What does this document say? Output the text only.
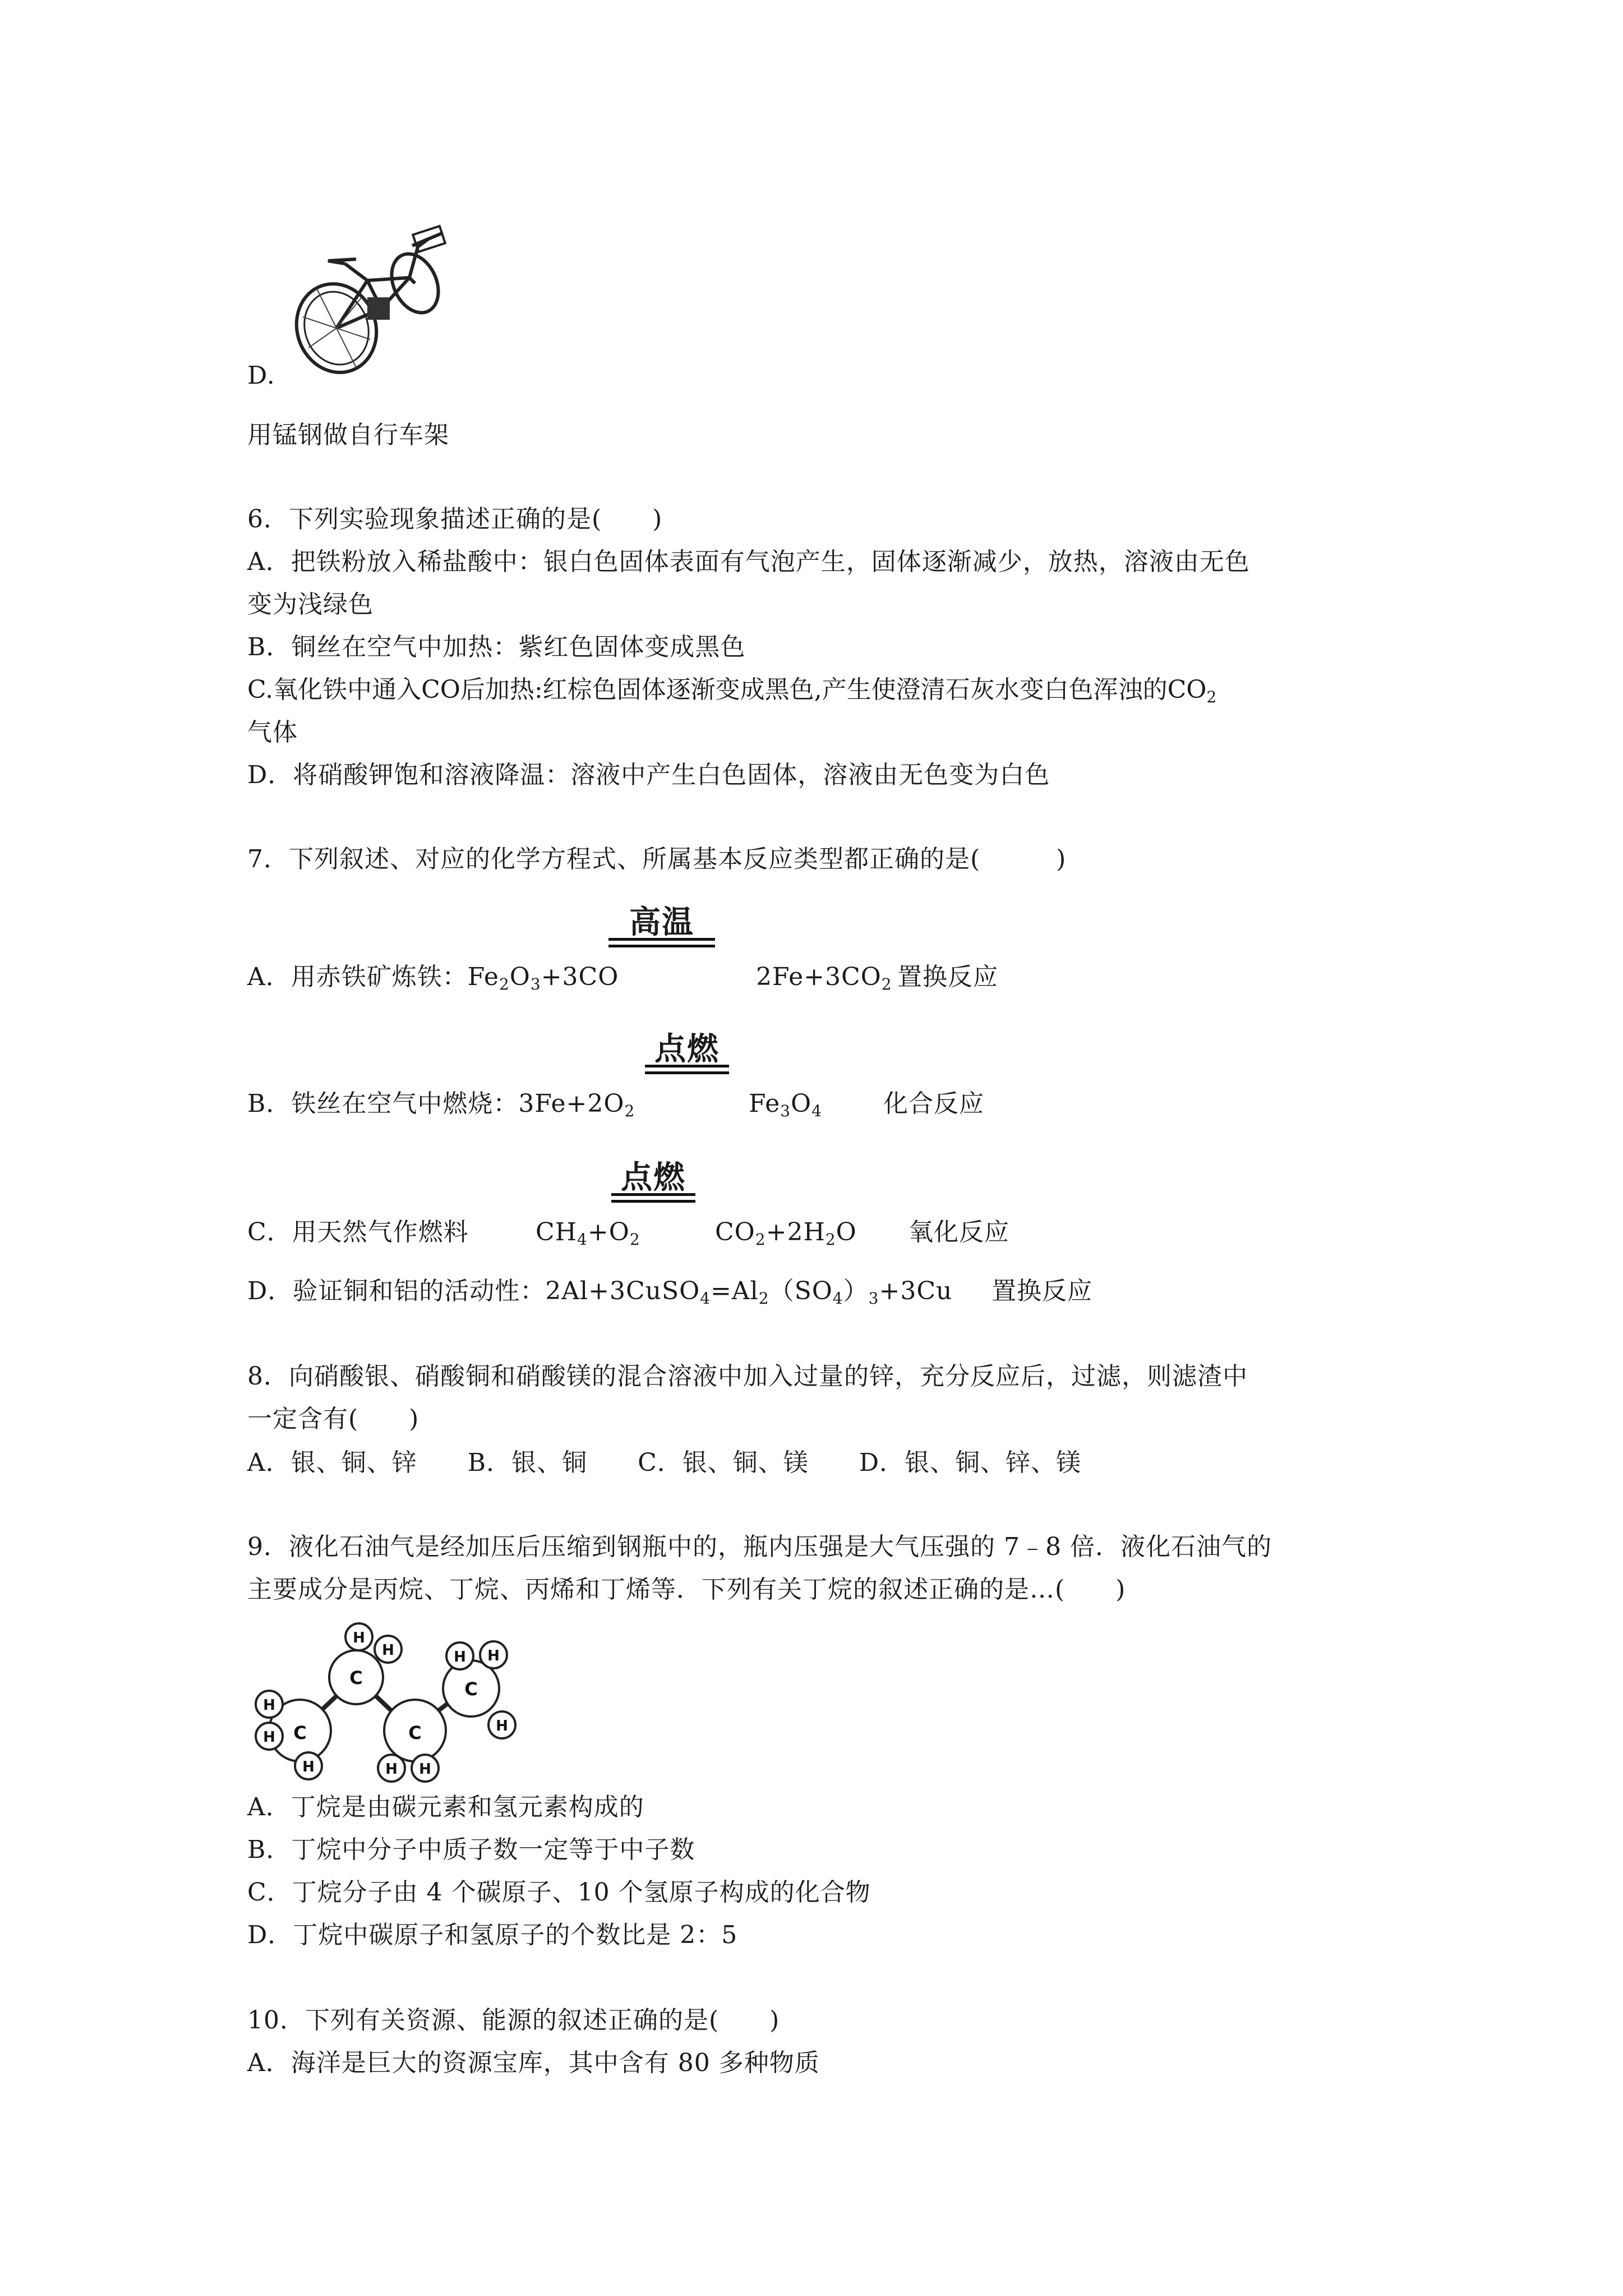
D.
用锰钢做自行车架
6．下列实验现象描述正确的是(　　)
A．把铁粉放入稀盐酸中：银白色固体表面有气泡产生，固体逐渐减少，放热，溶液由无色
变为浅绿色
B．铜丝在空气中加热：紫红色固体变成黑色
C.氧化铁中通入CO后加热:红棕色固体逐渐变成黑色,产生使澄清石灰水变白色浑浊的$CO_2$
气体
D．将硝酸钾饱和溶液降温：溶液中产生白色固体，溶液由无色变为白色
7．下列叙述、对应的化学方程式、所属基本反应类型都正确的是(　　　)
高温
A．用赤铁矿炼铁：$Fe_2O_3+3CO$	$2Fe+3CO_2$ 置换反应
点燃
B．铁丝在空气中燃烧：$3Fe+2O_2$	$Fe_3O_4$ 化合反应
点燃
C．用天然气作燃料	$CH_4+O_2$	$CO_2+2H_2O$ 氧化反应
D．验证铜和铝的活动性：$2Al+3CuSO_4=Al_2(SO_4)_3+3Cu$ 置换反应
8．向硝酸银、硝酸铜和硝酸镁的混合溶液中加入过量的锌，充分反应后，过滤，则滤渣中
一定含有(　　)
A．银、铜、锌　　B．银、铜　　C．银、铜、镁　　D．银、铜、锌、镁
9．液化石油气是经加压后压缩到钢瓶中的，瓶内压强是大气压强的 7﹣8 倍．液化石油气的
主要成分是丙烷、丁烷、丙烯和丁烯等．下列有关丁烷的叙述正确的是…(　　)
C
C
C
C
H
H
H
H
H	H H
H H
H
A．丁烷是由碳元素和氢元素构成的
B．丁烷中分子中质子数一定等于中子数
C．丁烷分子由 4 个碳原子、10 个氢原子构成的化合物
D．丁烷中碳原子和氢原子的个数比是 2：5
10．下列有关资源、能源的叙述正确的是(　　)
A．海洋是巨大的资源宝库，其中含有 80 多种物质
